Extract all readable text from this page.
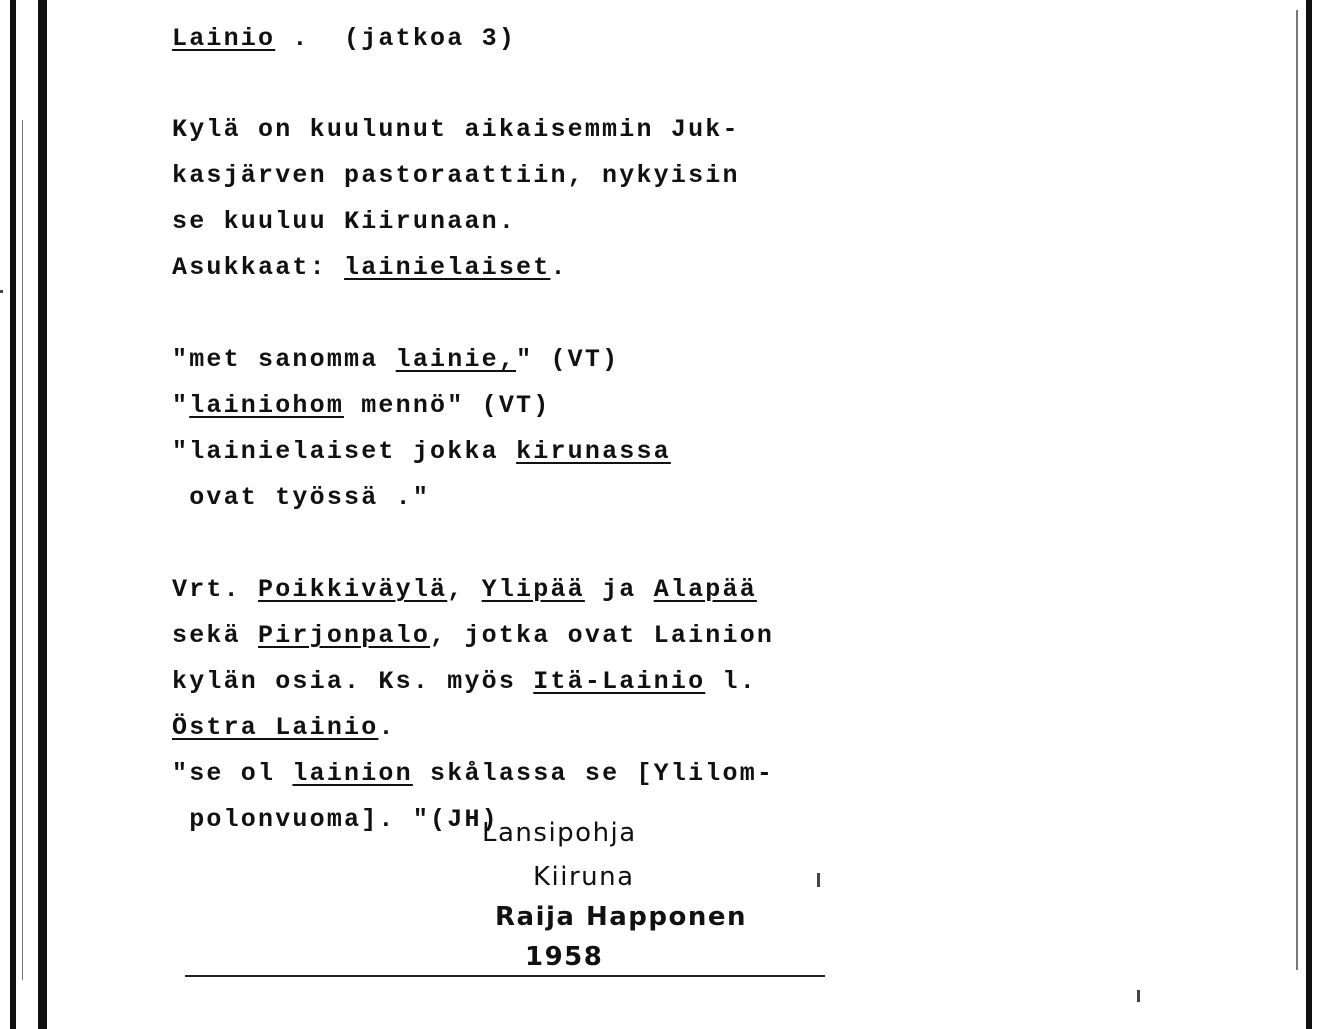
Lainio .  (jatkoa 3)
Kylä on kuulunut aikaisemmin Juk-
kasjärven pastoraattiin, nykyisin
se kuuluu Kiirunaan.
Asukkaat: lainielaiset.
"met sanomma lainie," (VT)
"lainiohom mennö" (VT)
"lainielaiset jokka kirunassa
ovat työssä ."
Vrt. Poikkiväylä, Ylipää ja Alapää
sekä Pirjonpalo, jotka ovat Lainion
kylän osia. Ks. myös Itä-Lainio l.
Östra Lainio.
"se ol lainion skålassa se [Ylilom-
polonvuoma]. "(JH)
Lansipohja
Kiiruna
Raija Happonen
1958
